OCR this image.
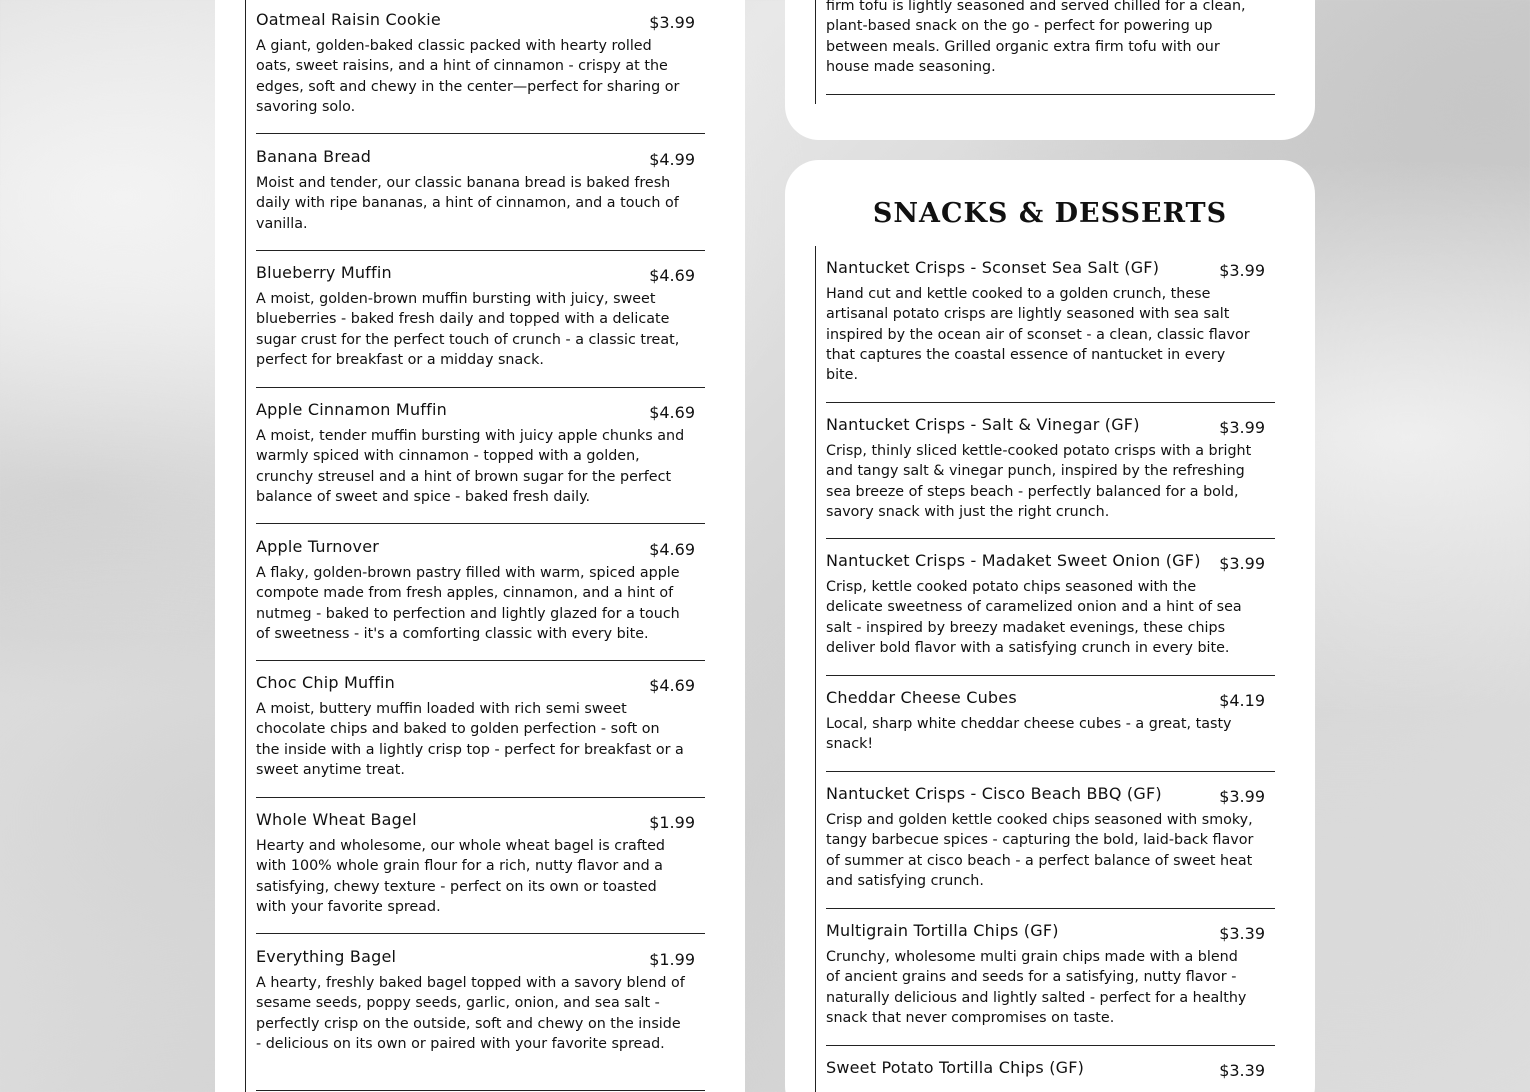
Oatmeal Raisin Cookie	$3.99
A giant, golden-baked classic packed with hearty rolled oats, sweet raisins, and a hint of cinnamon - crispy at the edges, soft and chewy in the center—perfect for sharing or savoring solo.
Banana Bread	$4.99
Moist and tender, our classic banana bread is baked fresh daily with ripe bananas, a hint of cinnamon, and a touch of vanilla.
Blueberry Muffin	$4.69
A moist, golden-brown muffin bursting with juicy, sweet blueberries - baked fresh daily and topped with a delicate sugar crust for the perfect touch of crunch - a classic treat, perfect for breakfast or a midday snack.
Apple Cinnamon Muffin	$4.69
A moist, tender muffin bursting with juicy apple chunks and warmly spiced with cinnamon - topped with a golden, crunchy streusel and a hint of brown sugar for the perfect balance of sweet and spice - baked fresh daily.
Apple Turnover	$4.69
A flaky, golden-brown pastry filled with warm, spiced apple compote made from fresh apples, cinnamon, and a hint of nutmeg - baked to perfection and lightly glazed for a touch of sweetness - it's a comforting classic with every bite.
Choc Chip Muffin	$4.69
A moist, buttery muffin loaded with rich semi sweet chocolate chips and baked to golden perfection - soft on the inside with a lightly crisp top - perfect for breakfast or a sweet anytime treat.
Whole Wheat Bagel	$1.99
Hearty and wholesome, our whole wheat bagel is crafted with 100% whole grain flour for a rich, nutty flavor and a satisfying, chewy texture - perfect on its own or toasted with your favorite spread.
Everything Bagel	$1.99
A hearty, freshly baked bagel topped with a savory blend of sesame seeds, poppy seeds, garlic, onion, and sea salt - perfectly crisp on the outside, soft and chewy on the inside - delicious on its own or paired with your favorite spread.
firm tofu is lightly seasoned and served chilled for a clean, plant-based snack on the go - perfect for powering up between meals. Grilled organic extra firm tofu with our house made seasoning.
SNACKS & DESSERTS
Nantucket Crisps - Sconset Sea Salt (GF)	$3.99
Hand cut and kettle cooked to a golden crunch, these artisanal potato crisps are lightly seasoned with sea salt inspired by the ocean air of sconset - a clean, classic flavor that captures the coastal essence of nantucket in every bite.
Nantucket Crisps - Salt & Vinegar (GF)	$3.99
Crisp, thinly sliced kettle-cooked potato crisps with a bright and tangy salt & vinegar punch, inspired by the refreshing sea breeze of steps beach - perfectly balanced for a bold, savory snack with just the right crunch.
Nantucket Crisps - Madaket Sweet Onion (GF) $3.99
Crisp, kettle cooked potato chips seasoned with the delicate sweetness of caramelized onion and a hint of sea salt - inspired by breezy madaket evenings, these chips deliver bold flavor with a satisfying crunch in every bite.
Cheddar Cheese Cubes	$4.19
Local, sharp white cheddar cheese cubes - a great, tasty snack!
Nantucket Crisps - Cisco Beach BBQ (GF)	$3.99
Crisp and golden kettle cooked chips seasoned with smoky, tangy barbecue spices - capturing the bold, laid-back flavor of summer at cisco beach - a perfect balance of sweet heat and satisfying crunch.
Multigrain Tortilla Chips (GF)	$3.39
Crunchy, wholesome multi grain chips made with a blend of ancient grains and seeds for a satisfying, nutty flavor - naturally delicious and lightly salted - perfect for a healthy snack that never compromises on taste.
Sweet Potato Tortilla Chips (GF)	$3.39
